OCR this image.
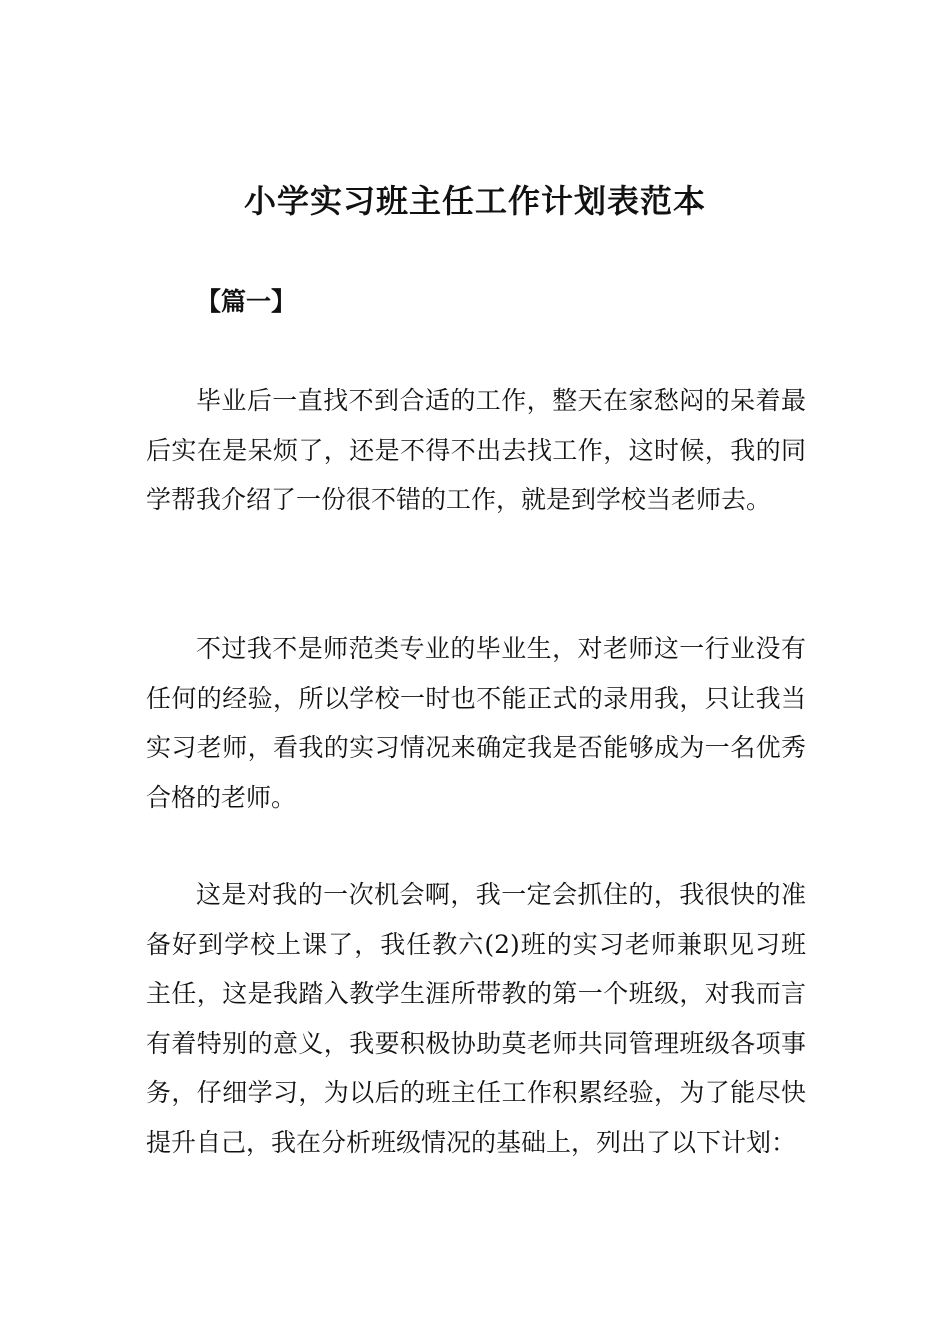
小学实习班主任工作计划表范本
【篇一】

毕业后一直找不到合适的工作，整天在家愁闷的呆着最后实在是呆烦了，还是不得不出去找工作，这时候，我的同学帮我介绍了一份很不错的工作，就是到学校当老师去。

不过我不是师范类专业的毕业生，对老师这一行业没有任何的经验，所以学校一时也不能正式的录用我，只让我当实习老师，看我的实习情况来确定我是否能够成为一名优秀合格的老师。

这是对我的一次机会啊，我一定会抓住的，我很快的准备好到学校上课了，我任教六(2)班的实习老师兼职见习班主任，这是我踏入教学生涯所带教的第一个班级，对我而言有着特别的意义，我要积极协助莫老师共同管理班级各项事务，仔细学习，为以后的班主任工作积累经验，为了能尽快提升自己，我在分析班级情况的基础上，列出了以下计划：
